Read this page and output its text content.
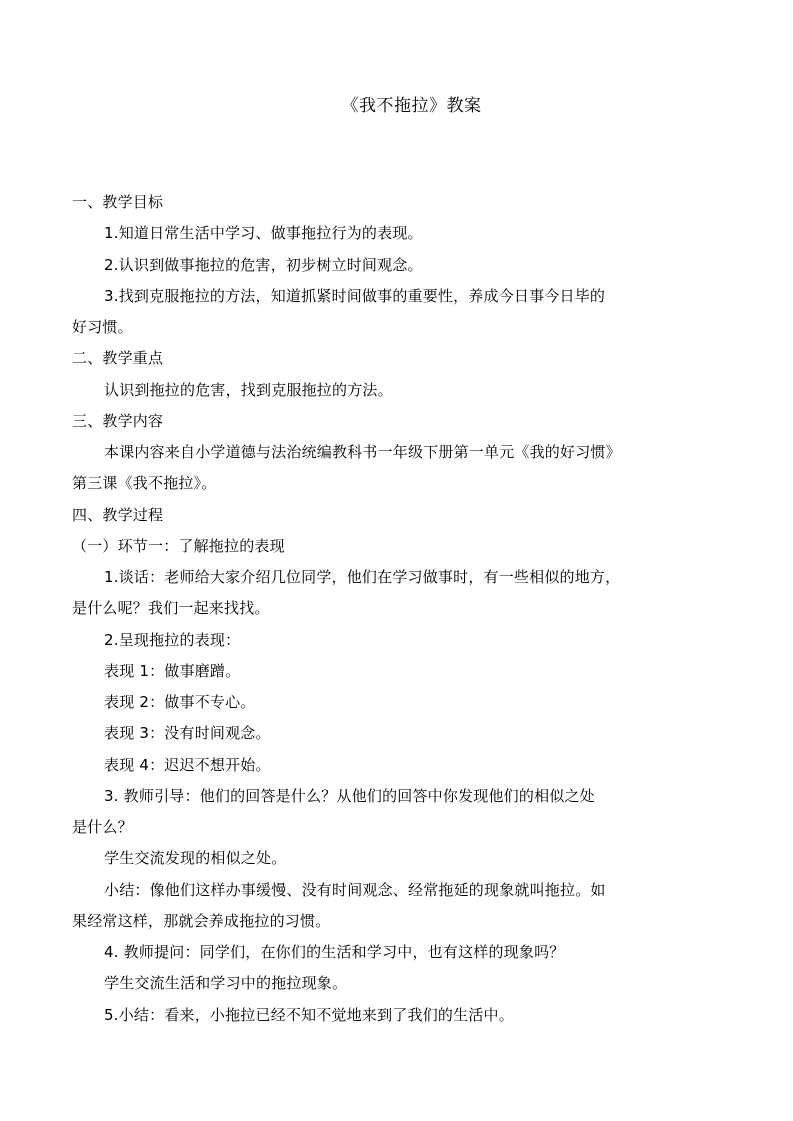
《我不拖拉》教案
一、教学目标
1.知道日常生活中学习、做事拖拉行为的表现。
2.认识到做事拖拉的危害，初步树立时间观念。
3.找到克服拖拉的方法，知道抓紧时间做事的重要性，养成今日事今日毕的
好习惯。
二、教学重点
认识到拖拉的危害，找到克服拖拉的方法。
三、教学内容
本课内容来自小学道德与法治统编教科书一年级下册第一单元《我的好习惯》
第三课《我不拖拉》。
四、教学过程
（一）环节一：了解拖拉的表现
1.谈话：老师给大家介绍几位同学，他们在学习做事时，有一些相似的地方，
是什么呢？我们一起来找找。
2.呈现拖拉的表现：
表现 1：做事磨蹭。
表现 2：做事不专心。
表现 3：没有时间观念。
表现 4：迟迟不想开始。
3. 教师引导：他们的回答是什么？从他们的回答中你发现他们的相似之处
是什么？
学生交流发现的相似之处。
小结：像他们这样办事缓慢、没有时间观念、经常拖延的现象就叫拖拉。如
果经常这样，那就会养成拖拉的习惯。
4. 教师提问：同学们，在你们的生活和学习中，也有这样的现象吗？
学生交流生活和学习中的拖拉现象。
5.小结：看来，小拖拉已经不知不觉地来到了我们的生活中。
